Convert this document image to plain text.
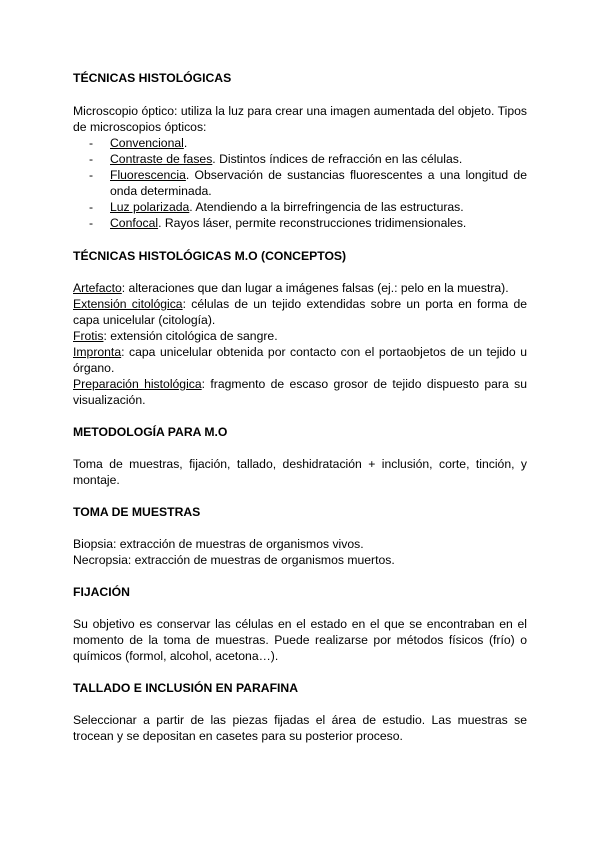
TÉCNICAS HISTOLÓGICAS
Microscopio óptico: utiliza la luz para crear una imagen aumentada del objeto. Tipos
de microscopios ópticos:
- Convencional.
- Contraste de fases. Distintos índices de refracción en las células.
- Fluorescencia. Observación de sustancias fluorescentes a una longitud de
onda determinada.
- Luz polarizada. Atendiendo a la birrefringencia de las estructuras.
- Confocal. Rayos láser, permite reconstrucciones tridimensionales.
TÉCNICAS HISTOLÓGICAS M.O (CONCEPTOS)
Artefacto: alteraciones que dan lugar a imágenes falsas (ej.: pelo en la muestra).
Extensión citológica: células de un tejido extendidas sobre un porta en forma de
capa unicelular (citología).
Frotis: extensión citológica de sangre.
Impronta: capa unicelular obtenida por contacto con el portaobjetos de un tejido u
órgano.
Preparación histológica: fragmento de escaso grosor de tejido dispuesto para su
visualización.
METODOLOGÍA PARA M.O
Toma de muestras, fijación, tallado, deshidratación + inclusión, corte, tinción, y
montaje.
TOMA DE MUESTRAS
Biopsia: extracción de muestras de organismos vivos.
Necropsia: extracción de muestras de organismos muertos.
FIJACIÓN
Su objetivo es conservar las células en el estado en el que se encontraban en el
momento de la toma de muestras. Puede realizarse por métodos físicos (frío) o
químicos (formol, alcohol, acetona…).
TALLADO E INCLUSIÓN EN PARAFINA
Seleccionar a partir de las piezas fijadas el área de estudio. Las muestras se
trocean y se depositan en casetes para su posterior proceso.
